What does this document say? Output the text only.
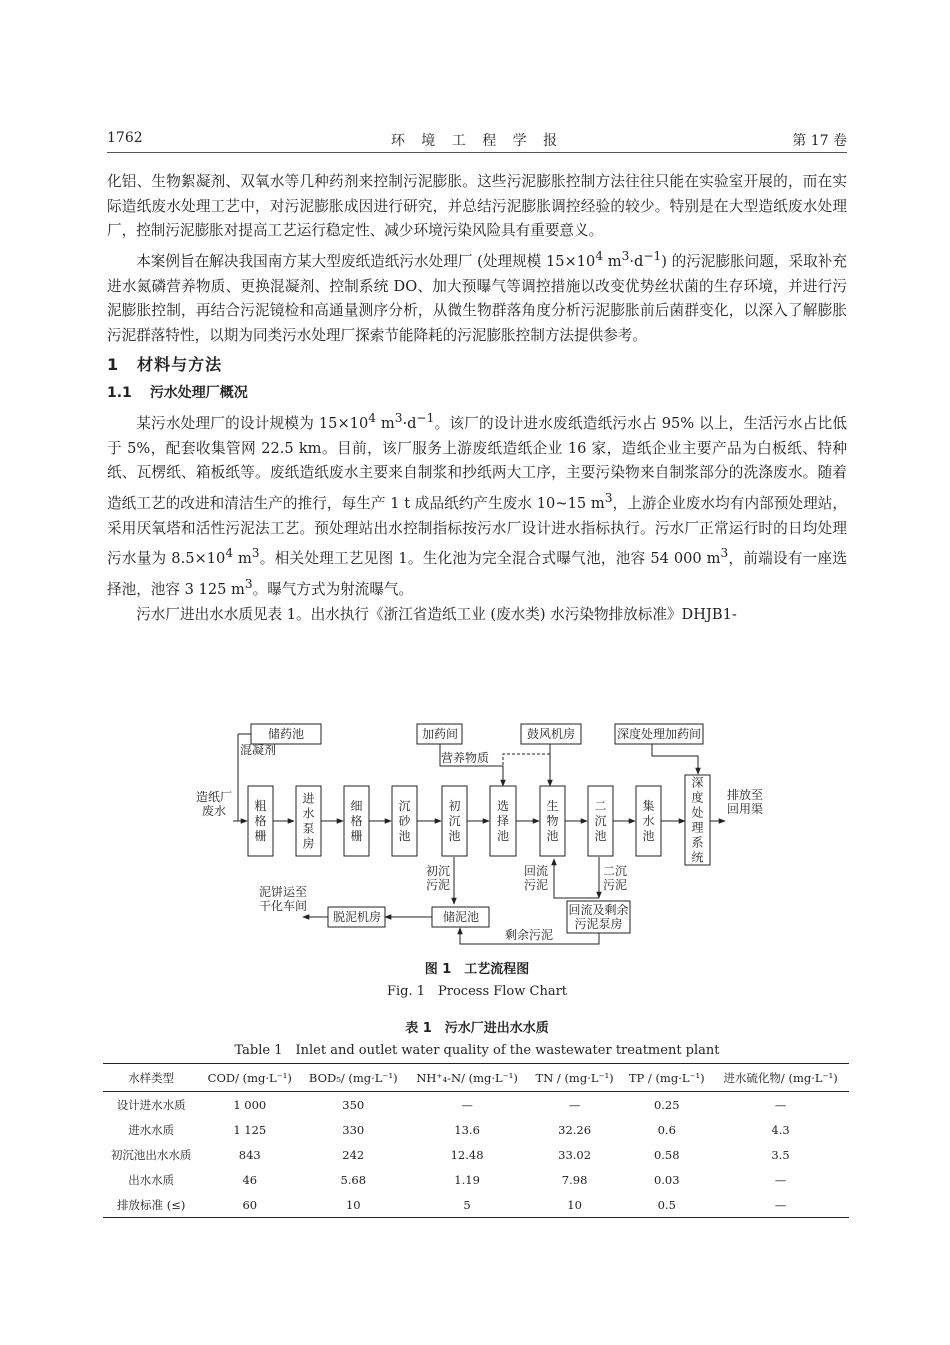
1762	环 境 工 程 学 报	第 17 卷

化铝、生物絮凝剂、双氧水等几种药剂来控制污泥膨胀。这些污泥膨胀控制方法往往只能在实验室开展的，而在实际造纸废水处理工艺中，对污泥膨胀成因进行研究，并总结污泥膨胀调控经验的较少。特别是在大型造纸废水处理厂，控制污泥膨胀对提高工艺运行稳定性、减少环境污染风险具有重要意义。

本案例旨在解决我国南方某大型废纸造纸污水处理厂 (处理规模 $15\times 10^4$ $m^3\cdot d^{-1}$) 的污泥膨胀问题，采取补充进水氮磷营养物质、更换混凝剂、控制系统 DO、加大预曝气等调控措施以改变优势丝状菌的生存环境，并进行污泥膨胀控制，再结合污泥镜检和高通量测序分析，从微生物群落角度分析污泥膨胀前后菌群变化，以深入了解膨胀污泥群落特性，以期为同类污水处理厂探索节能降耗的污泥膨胀控制方法提供参考。

1 材料与方法

1.1 污水处理厂概况

某污水处理厂的设计规模为 $15\times 10^4$ $m^3\cdot d^{-1}$。该厂的设计进水废纸造纸污水占 95% 以上，生活污水占比低于 5%，配套收集管网 22.5 km。目前，该厂服务上游废纸造纸企业 16 家，造纸企业主要产品为白板纸、特种纸、瓦楞纸、箱板纸等。废纸造纸废水主要来自制浆和抄纸两大工序，主要污染物来自制浆部分的洗涤废水。随着造纸工艺的改进和清洁生产的推行，每生产 1 t 成品纸约产生废水 10~15 $m^3$，上游企业废水均有内部预处理站，采用厌氧塔和活性污泥法工艺。预处理站出水控制指标按污水厂设计进水指标执行。污水厂正常运行时的日均处理污水量为 $8.5\times 10^4$ $m^3$。相关处理工艺见图 1。生化池为完全混合式曝气池，池容 54 000 $m^3$，前端设有一座选择池，池容 3 125 $m^3$。曝气方式为射流曝气。

污水厂进出水水质见表 1。出水执行《浙江省造纸工业 (废水类) 水污染物排放标准》DHJB1-

储药池	加药间	鼓风机房	深度处理加药间
混凝剂
营养物质
脱泥机房	储泥池
剩余污泥
粗格栅
进水泵房
细格栅
沉砂池
初沉池
选择池
生物池
二沉池
集水池
深度处理系统
造纸厂
废水
排放至
回用渠
初沉
污泥
回流
污泥
二沉
污泥
泥饼运至
干化车间	回流及剩余
污泥泵房
图 1　工艺流程图
Fig. 1　Process Flow Chart
表 1　污水厂进出水水质
Table 1　Inlet and outlet water quality of the wastewater treatment plant
水样类型	COD/ (mg·L⁻¹)	BOD₅/ (mg·L⁻¹)	NH⁺₄-N/ (mg·L⁻¹)	TN / (mg·L⁻¹)	TP / (mg·L⁻¹)	进水硫化物/ (mg·L⁻¹)
设计进水水质	1 000	350	—	—	0.25	—
进水水质	1 125	330	13.6	32.26	0.6	4.3
初沉池出水水质	843	242	12.48	33.02	0.58	3.5
出水水质	46	5.68	1.19	7.98	0.03	—
排放标准 (≤)	60	10	5	10	0.5	—
